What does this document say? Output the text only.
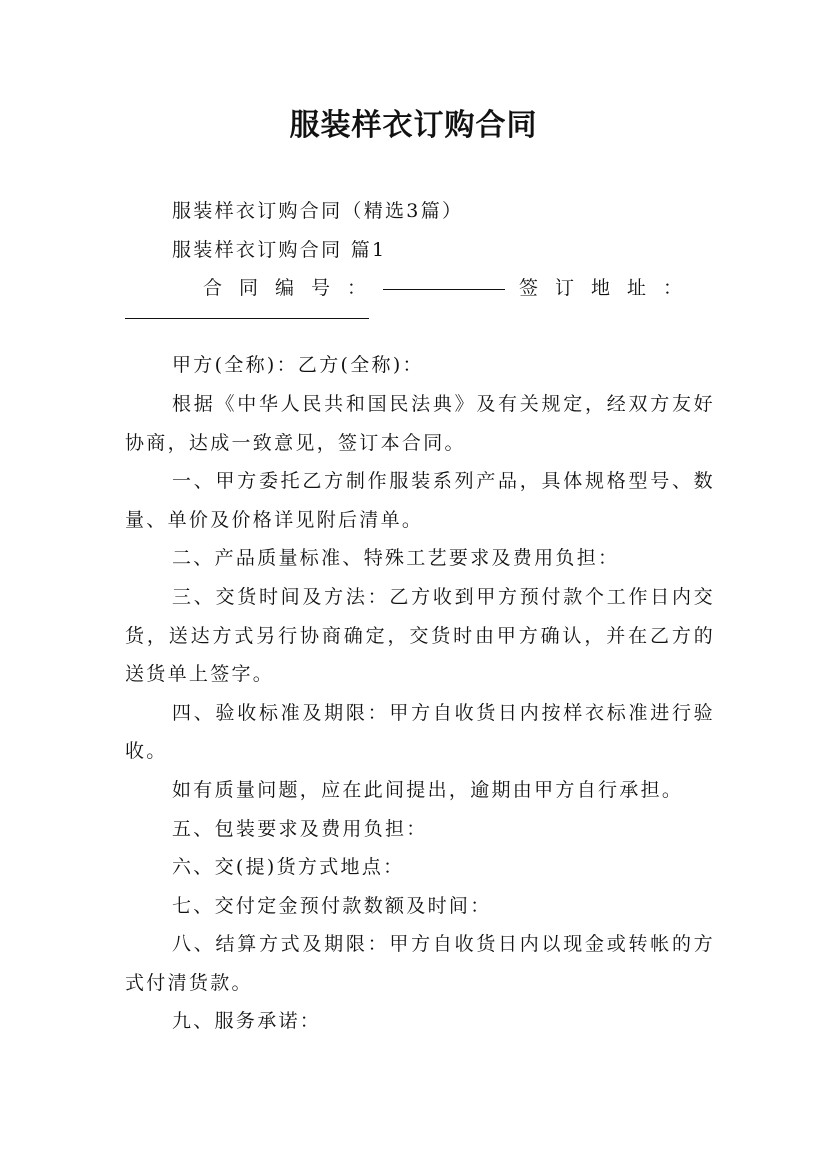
服装样衣订购合同

服装样衣订购合同（精选3篇）

服装样衣订购合同 篇1

合同编号：	签订地址：

甲方(全称)：乙方(全称)：

根据《中华人民共和国民法典》及有关规定，经双方友好协商，达成一致意见，签订本合同。

一、甲方委托乙方制作服装系列产品，具体规格型号、数量、单价及价格详见附后清单。

二、产品质量标准、特殊工艺要求及费用负担：

三、交货时间及方法：乙方收到甲方预付款个工作日内交货，送达方式另行协商确定，交货时由甲方确认，并在乙方的送货单上签字。

四、验收标准及期限：甲方自收货日内按样衣标准进行验收。

如有质量问题，应在此间提出，逾期由甲方自行承担。

五、包装要求及费用负担：

六、交(提)货方式地点：

七、交付定金预付款数额及时间：

八、结算方式及期限：甲方自收货日内以现金或转帐的方式付清货款。

九、服务承诺：
